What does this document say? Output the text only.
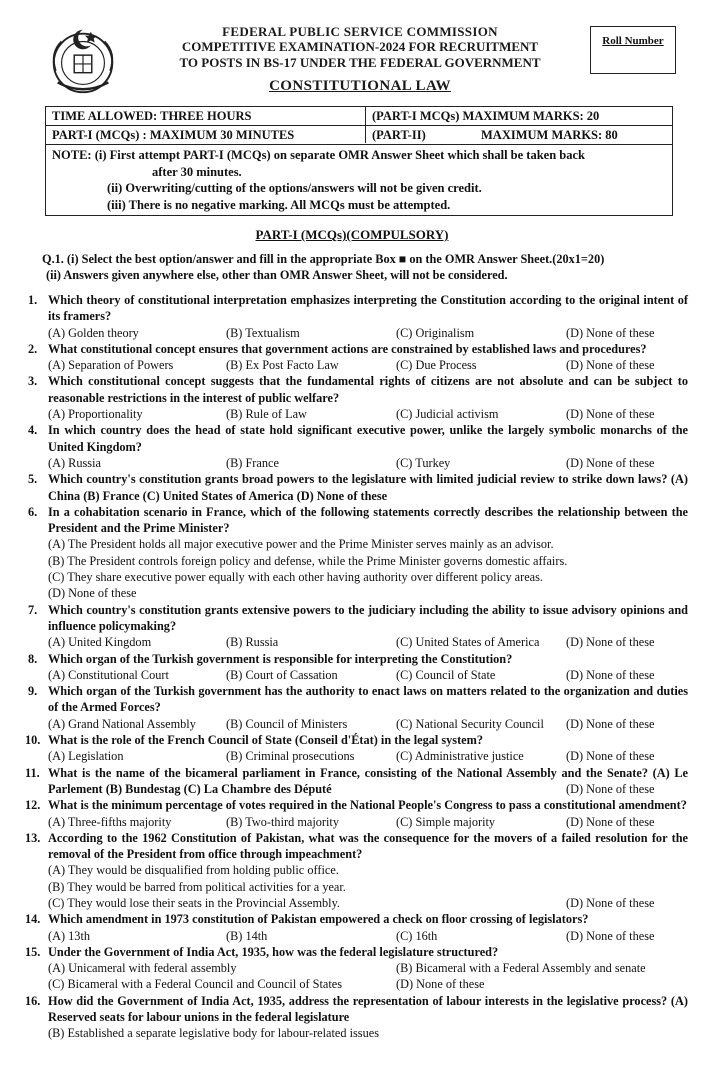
FEDERAL PUBLIC SERVICE COMMISSION
COMPETITIVE EXAMINATION-2024 FOR RECRUITMENT
TO POSTS IN BS-17 UNDER THE FEDERAL GOVERNMENT
CONSTITUTIONAL LAW
Roll Number
TIME ALLOWED: THREE HOURS	(PART-I MCQs) MAXIMUM MARKS: 20
PART-I (MCQs) : MAXIMUM 30 MINUTES	(PART-II)	MAXIMUM MARKS: 80
NOTE: (i) First attempt PART-I (MCQs) on separate OMR Answer Sheet which shall be taken back
after 30 minutes.
(ii) Overwriting/cutting of the options/answers will not be given credit.
(iii) There is no negative marking. All MCQs must be attempted.
PART-I (MCQs)(COMPULSORY)
Q.1. (i) Select the best option/answer and fill in the appropriate Box ■ on the OMR Answer Sheet.(20x1=20)
(ii) Answers given anywhere else, other than OMR Answer Sheet, will not be considered.
1. Which theory of constitutional interpretation emphasizes interpreting the Constitution according to the original intent of its framers?
(A) Golden theory	(B) Textualism	(C) Originalism	(D) None of these
2. What constitutional concept ensures that government actions are constrained by established laws and procedures?
(A) Separation of Powers	(B) Ex Post Facto Law	(C) Due Process	(D) None of these
3. Which constitutional concept suggests that the fundamental rights of citizens are not absolute and can be subject to reasonable restrictions in the interest of public welfare?
(A) Proportionality	(B) Rule of Law	(C) Judicial activism	(D) None of these
4. In which country does the head of state hold significant executive power, unlike the largely symbolic monarchs of the United Kingdom?
(A) Russia	(B) France	(C) Turkey	(D) None of these
5. Which country's constitution grants broad powers to the legislature with limited judicial review to strike down laws? (A) China (B) France (C) United States of America (D) None of these
6. In a cohabitation scenario in France, which of the following statements correctly describes the relationship between the President and the Prime Minister?
(A) The President holds all major executive power and the Prime Minister serves mainly as an advisor.
(B) The President controls foreign policy and defense, while the Prime Minister governs domestic affairs.
(C) They share executive power equally with each other having authority over different policy areas.
(D) None of these
7. Which country's constitution grants extensive powers to the judiciary including the ability to issue advisory opinions and influence policymaking?
(A) United Kingdom	(B) Russia	(C) United States of America (D) None of these
8. Which organ of the Turkish government is responsible for interpreting the Constitution?
(A) Constitutional Court	(B) Court of Cassation	(C) Council of State	(D) None of these
9. Which organ of the Turkish government has the authority to enact laws on matters related to the organization and duties of the Armed Forces?
(A) Grand National Assembly (B) Council of Ministers	(C) National Security Council (D) None of these
10. What is the role of the French Council of State (Conseil d'État) in the legal system?
(A) Legislation	(B) Criminal prosecutions	(C) Administrative justice	(D) None of these
11. What is the name of the bicameral parliament in France, consisting of the National Assembly and the Senate? (A) Le Parlement (B) Bundestag (C) La Chambre des Député	(D) None of these
12. What is the minimum percentage of votes required in the National People's Congress to pass a constitutional amendment?
(A) Three-fifths majority	(B) Two-third majority	(C) Simple majority	(D) None of these
13. According to the 1962 Constitution of Pakistan, what was the consequence for the movers of a failed resolution for the removal of the President from office through impeachment?
(A) They would be disqualified from holding public office.
(B) They would be barred from political activities for a year.
(C) They would lose their seats in the Provincial Assembly.	(D) None of these
14. Which amendment in 1973 constitution of Pakistan empowered a check on floor crossing of legislators?
(A) 13th	(B) 14th	(C) 16th	(D) None of these
15. Under the Government of India Act, 1935, how was the federal legislature structured?
(A) Unicameral with federal assembly	(B) Bicameral with a Federal Assembly and senate
(C) Bicameral with a Federal Council and Council of States	(D) None of these
16. How did the Government of India Act, 1935, address the representation of labour interests in the legislative process? (A) Reserved seats for labour unions in the federal legislature
(B) Established a separate legislative body for labour-related issues
